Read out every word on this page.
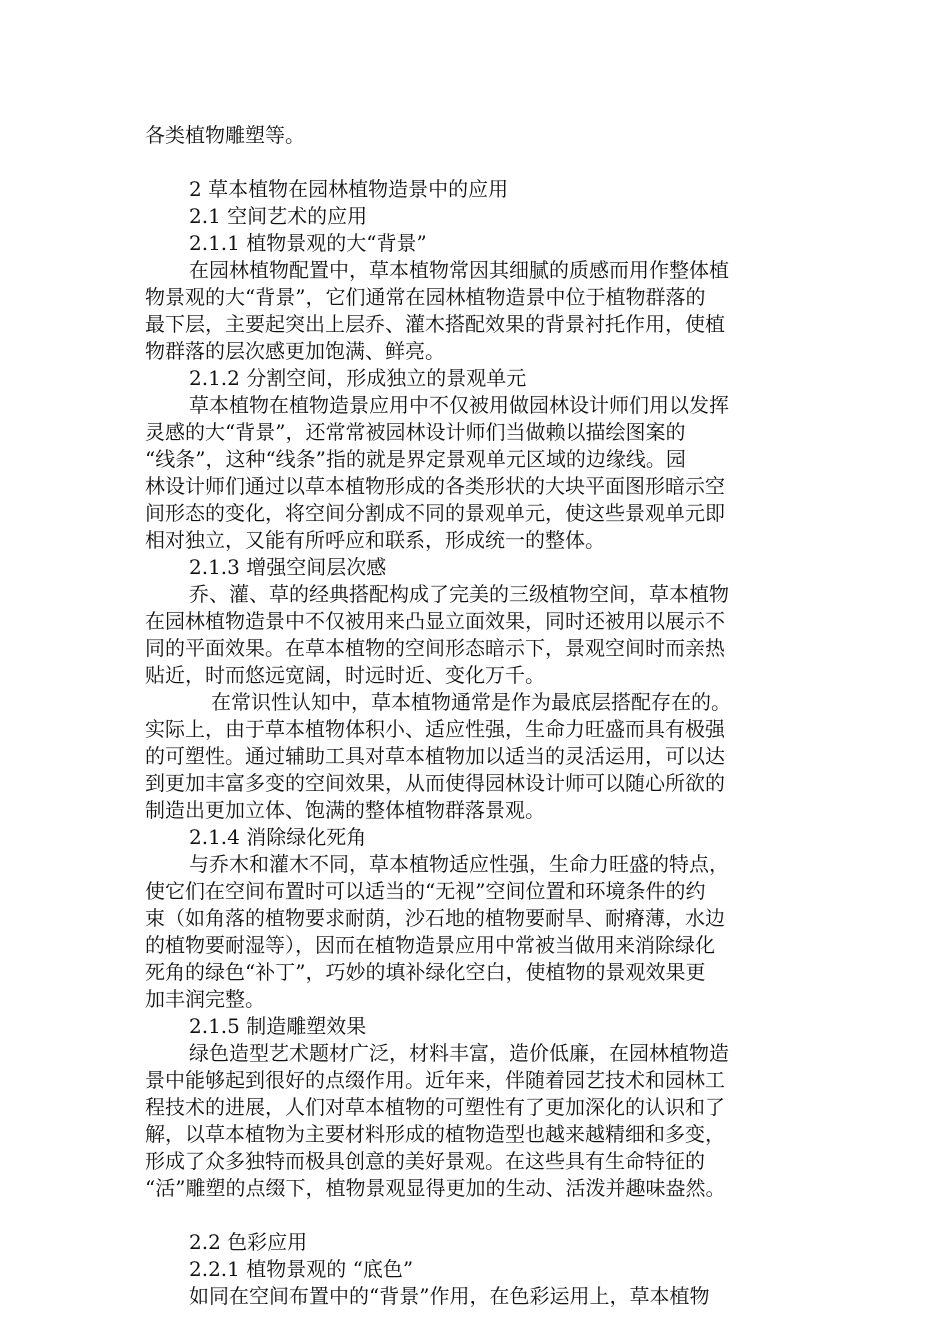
各类植物雕塑等。
2 草本植物在园林植物造景中的应用
2.1 空间艺术的应用
2.1.1 植物景观的大“背景”
在园林植物配置中，草本植物常因其细腻的质感而用作整体植
物景观的大“背景”，它们通常在园林植物造景中位于植物群落的
最下层，主要起突出上层乔、灌木搭配效果的背景衬托作用，使植
物群落的层次感更加饱满、鲜亮。
2.1.2 分割空间，形成独立的景观单元
草本植物在植物造景应用中不仅被用做园林设计师们用以发挥
灵感的大“背景”，还常常被园林设计师们当做赖以描绘图案的
“线条”，这种“线条”指的就是界定景观单元区域的边缘线。园
林设计师们通过以草本植物形成的各类形状的大块平面图形暗示空
间形态的变化，将空间分割成不同的景观单元，使这些景观单元即
相对独立，又能有所呼应和联系，形成统一的整体。
2.1.3 增强空间层次感
乔、灌、草的经典搭配构成了完美的三级植物空间，草本植物
在园林植物造景中不仅被用来凸显立面效果，同时还被用以展示不
同的平面效果。在草本植物的空间形态暗示下，景观空间时而亲热
贴近，时而悠远宽阔，时远时近、变化万千。
在常识性认知中，草本植物通常是作为最底层搭配存在的。
实际上，由于草本植物体积小、适应性强，生命力旺盛而具有极强
的可塑性。通过辅助工具对草本植物加以适当的灵活运用，可以达
到更加丰富多变的空间效果，从而使得园林设计师可以随心所欲的
制造出更加立体、饱满的整体植物群落景观。
2.1.4 消除绿化死角
与乔木和灌木不同，草本植物适应性强，生命力旺盛的特点，
使它们在空间布置时可以适当的“无视”空间位置和环境条件的约
束（如角落的植物要求耐荫，沙石地的植物要耐旱、耐瘠薄，水边
的植物要耐湿等），因而在植物造景应用中常被当做用来消除绿化
死角的绿色“补丁”，巧妙的填补绿化空白，使植物的景观效果更
加丰润完整。
2.1.5 制造雕塑效果
绿色造型艺术题材广泛，材料丰富，造价低廉，在园林植物造
景中能够起到很好的点缀作用。近年来，伴随着园艺技术和园林工
程技术的进展，人们对草本植物的可塑性有了更加深化的认识和了
解，以草本植物为主要材料形成的植物造型也越来越精细和多变，
形成了众多独特而极具创意的美好景观。在这些具有生命特征的
“活”雕塑的点缀下，植物景观显得更加的生动、活泼并趣味盎然。
2.2 色彩应用
2.2.1 植物景观的 “底色”
如同在空间布置中的“背景”作用，在色彩运用上，草本植物
